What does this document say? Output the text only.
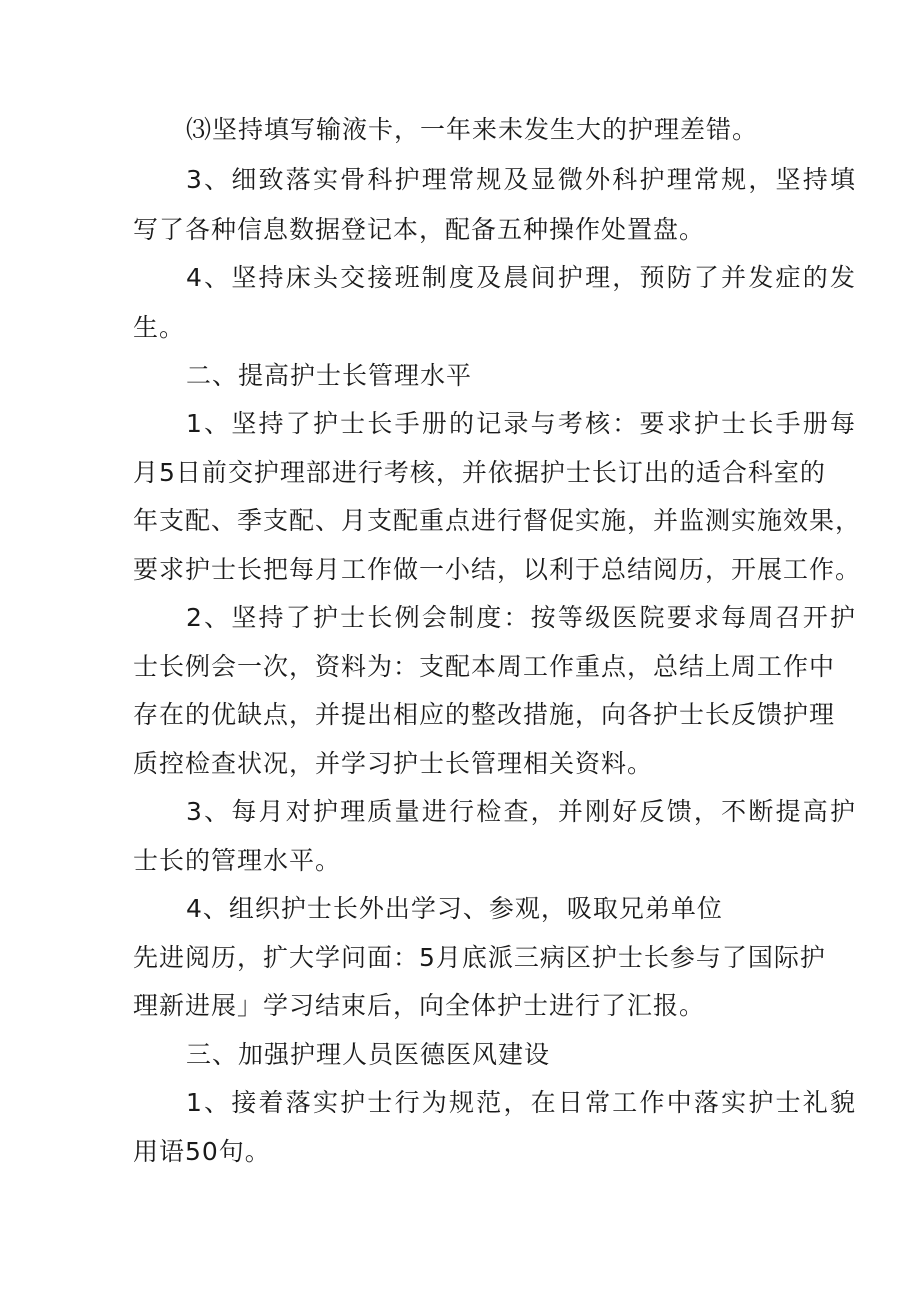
⑶坚持填写输液卡，一年来未发生大的护理差错。
3、细致落实骨科护理常规及显微外科护理常规，坚持填
写了各种信息数据登记本，配备五种操作处置盘。
4、坚持床头交接班制度及晨间护理，预防了并发症的发
生。
二、提高护士长管理水平
1、坚持了护士长手册的记录与考核：要求护士长手册每
月5日前交护理部进行考核，并依据护士长订出的适合科室的
年支配、季支配、月支配重点进行督促实施，并监测实施效果，
要求护士长把每月工作做一小结，以利于总结阅历，开展工作。
2、坚持了护士长例会制度：按等级医院要求每周召开护
士长例会一次，资料为：支配本周工作重点，总结上周工作中
存在的优缺点，并提出相应的整改措施，向各护士长反馈护理
质控检查状况，并学习护士长管理相关资料。
3、每月对护理质量进行检查，并刚好反馈，不断提高护
士长的管理水平。
4、组织护士长外出学习、参观，吸取兄弟单位
先进阅历，扩大学问面：5月底派三病区护士长参与了国际护
理新进展」学习结束后，向全体护士进行了汇报。
三、加强护理人员医德医风建设
1、接着落实护士行为规范，在日常工作中落实护士礼貌
用语50句。
